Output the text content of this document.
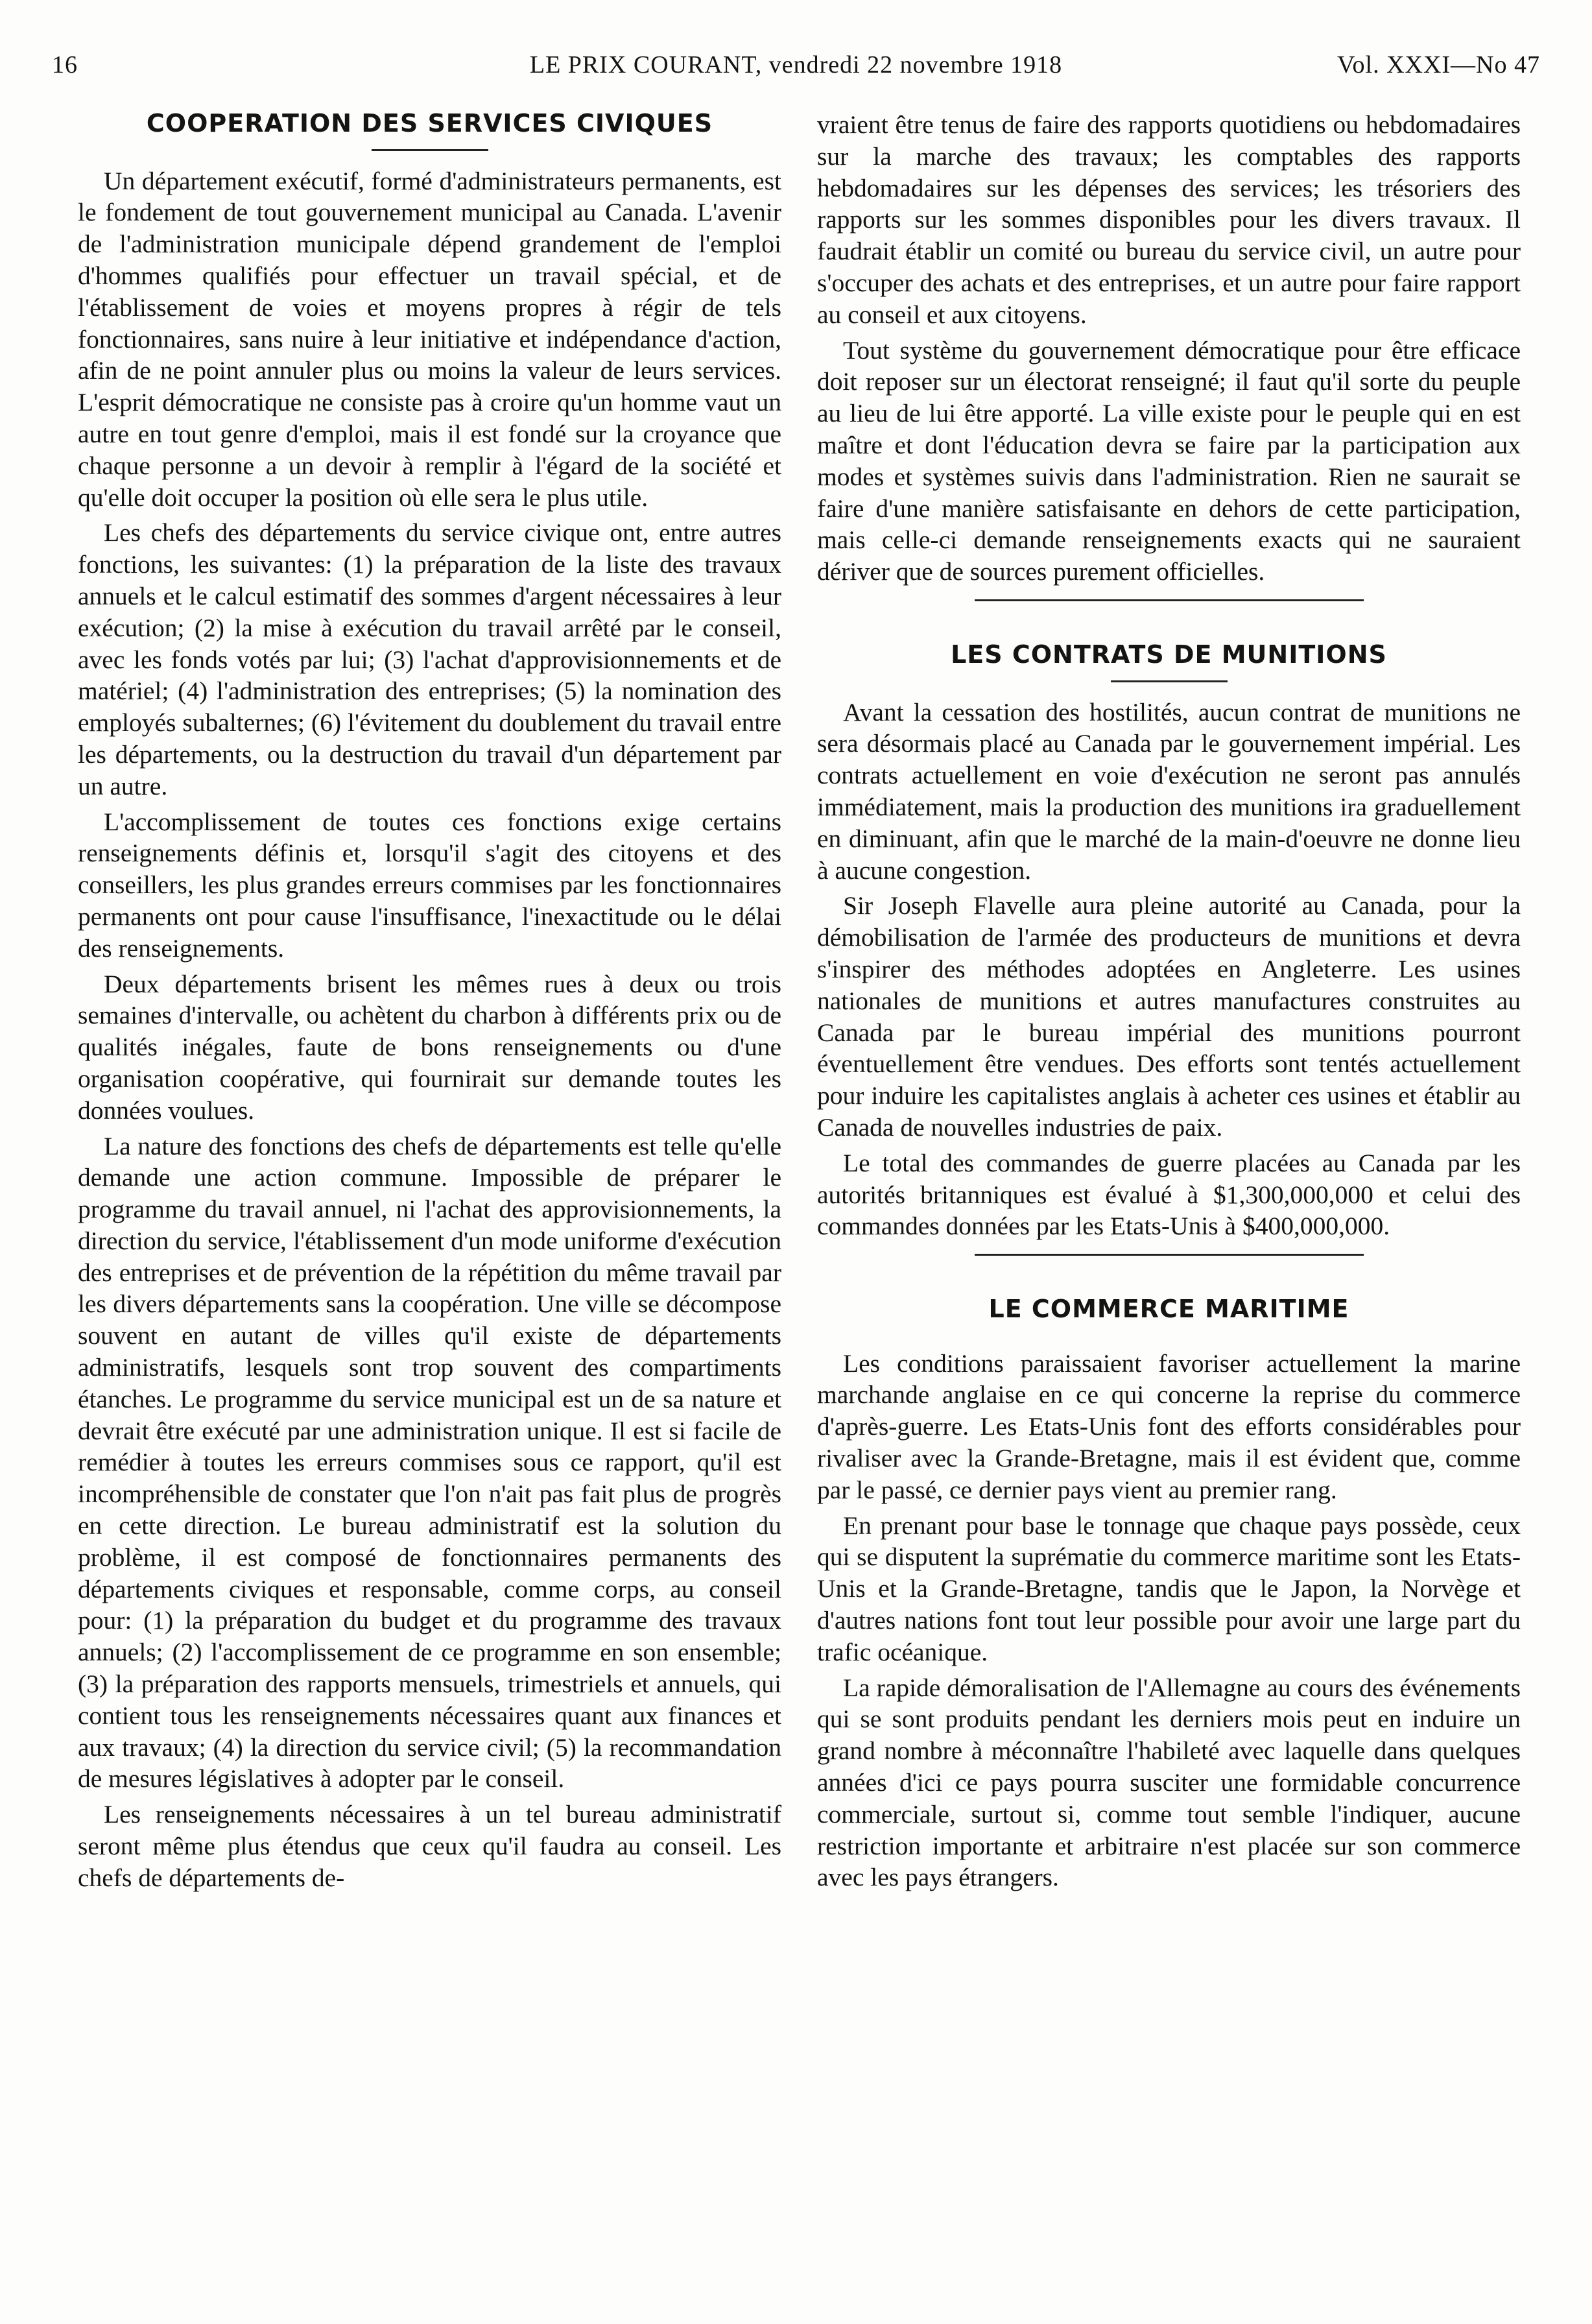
16	LE PRIX COURANT, vendredi 22 novembre 1918	Vol. XXXI—No 47
COOPERATION DES SERVICES CIVIQUES

Un département exécutif, formé d'administrateurs permanents, est le fondement de tout gouvernement municipal au Canada. L'avenir de l'administration municipale dépend grandement de l'emploi d'hommes qualifiés pour effectuer un travail spécial, et de l'établissement de voies et moyens propres à régir de tels fonctionnaires, sans nuire à leur initiative et indépendance d'action, afin de ne point annuler plus ou moins la valeur de leurs services. L'esprit démocratique ne consiste pas à croire qu'un homme vaut un autre en tout genre d'emploi, mais il est fondé sur la croyance que chaque personne a un devoir à remplir à l'égard de la société et qu'elle doit occuper la position où elle sera le plus utile.

Les chefs des départements du service civique ont, entre autres fonctions, les suivantes: (1) la préparation de la liste des travaux annuels et le calcul estimatif des sommes d'argent nécessaires à leur exécution; (2) la mise à exécution du travail arrêté par le conseil, avec les fonds votés par lui; (3) l'achat d'approvisionnements et de matériel; (4) l'administration des entreprises; (5) la nomination des employés subalternes; (6) l'évitement du doublement du travail entre les départements, ou la destruction du travail d'un département par un autre.

L'accomplissement de toutes ces fonctions exige certains renseignements définis et, lorsqu'il s'agit des citoyens et des conseillers, les plus grandes erreurs commises par les fonctionnaires permanents ont pour cause l'insuffisance, l'inexactitude ou le délai des renseignements.

Deux départements brisent les mêmes rues à deux ou trois semaines d'intervalle, ou achètent du charbon à différents prix ou de qualités inégales, faute de bons renseignements ou d'une organisation coopérative, qui fournirait sur demande toutes les données voulues.

La nature des fonctions des chefs de départements est telle qu'elle demande une action commune. Impossible de préparer le programme du travail annuel, ni l'achat des approvisionnements, la direction du service, l'établissement d'un mode uniforme d'exécution des entreprises et de prévention de la répétition du même travail par les divers départements sans la coopération. Une ville se décompose souvent en autant de villes qu'il existe de départements administratifs, lesquels sont trop souvent des compartiments étanches. Le programme du service municipal est un de sa nature et devrait être exécuté par une administration unique. Il est si facile de remédier à toutes les erreurs commises sous ce rapport, qu'il est incompréhensible de constater que l'on n'ait pas fait plus de progrès en cette direction. Le bureau administratif est la solution du problème, il est composé de fonctionnaires permanents des départements civiques et responsable, comme corps, au conseil pour: (1) la préparation du budget et du programme des travaux annuels; (2) l'accomplissement de ce programme en son ensemble; (3) la préparation des rapports mensuels, trimestriels et annuels, qui contient tous les renseignements nécessaires quant aux finances et aux travaux; (4) la direction du service civil; (5) la recommandation de mesures législatives à adopter par le conseil.

Les renseignements nécessaires à un tel bureau administratif seront même plus étendus que ceux qu'il faudra au conseil. Les chefs de départements de-

vraient être tenus de faire des rapports quotidiens ou hebdomadaires sur la marche des travaux; les comptables des rapports hebdomadaires sur les dépenses des services; les trésoriers des rapports sur les sommes disponibles pour les divers travaux. Il faudrait établir un comité ou bureau du service civil, un autre pour s'occuper des achats et des entreprises, et un autre pour faire rapport au conseil et aux citoyens.

Tout système du gouvernement démocratique pour être efficace doit reposer sur un électorat renseigné; il faut qu'il sorte du peuple au lieu de lui être apporté. La ville existe pour le peuple qui en est maître et dont l'éducation devra se faire par la participation aux modes et systèmes suivis dans l'administration. Rien ne saurait se faire d'une manière satisfaisante en dehors de cette participation, mais celle-ci demande renseignements exacts qui ne sauraient dériver que de sources purement officielles.

LES CONTRATS DE MUNITIONS

Avant la cessation des hostilités, aucun contrat de munitions ne sera désormais placé au Canada par le gouvernement impérial. Les contrats actuellement en voie d'exécution ne seront pas annulés immédiatement, mais la production des munitions ira graduellement en diminuant, afin que le marché de la main-d'oeuvre ne donne lieu à aucune congestion.

Sir Joseph Flavelle aura pleine autorité au Canada, pour la démobilisation de l'armée des producteurs de munitions et devra s'inspirer des méthodes adoptées en Angleterre. Les usines nationales de munitions et autres manufactures construites au Canada par le bureau impérial des munitions pourront éventuellement être vendues. Des efforts sont tentés actuellement pour induire les capitalistes anglais à acheter ces usines et établir au Canada de nouvelles industries de paix.

Le total des commandes de guerre placées au Canada par les autorités britanniques est évalué à $1,300,000,000 et celui des commandes données par les Etats-Unis à $400,000,000.

LE COMMERCE MARITIME

Les conditions paraissaient favoriser actuellement la marine marchande anglaise en ce qui concerne la reprise du commerce d'après-guerre. Les Etats-Unis font des efforts considérables pour rivaliser avec la Grande-Bretagne, mais il est évident que, comme par le passé, ce dernier pays vient au premier rang.

En prenant pour base le tonnage que chaque pays possède, ceux qui se disputent la suprématie du commerce maritime sont les Etats-Unis et la Grande-Bretagne, tandis que le Japon, la Norvège et d'autres nations font tout leur possible pour avoir une large part du trafic océanique.

La rapide démoralisation de l'Allemagne au cours des événements qui se sont produits pendant les derniers mois peut en induire un grand nombre à méconnaître l'habileté avec laquelle dans quelques années d'ici ce pays pourra susciter une formidable concurrence commerciale, surtout si, comme tout semble l'indiquer, aucune restriction importante et arbitraire n'est placée sur son commerce avec les pays étrangers.
